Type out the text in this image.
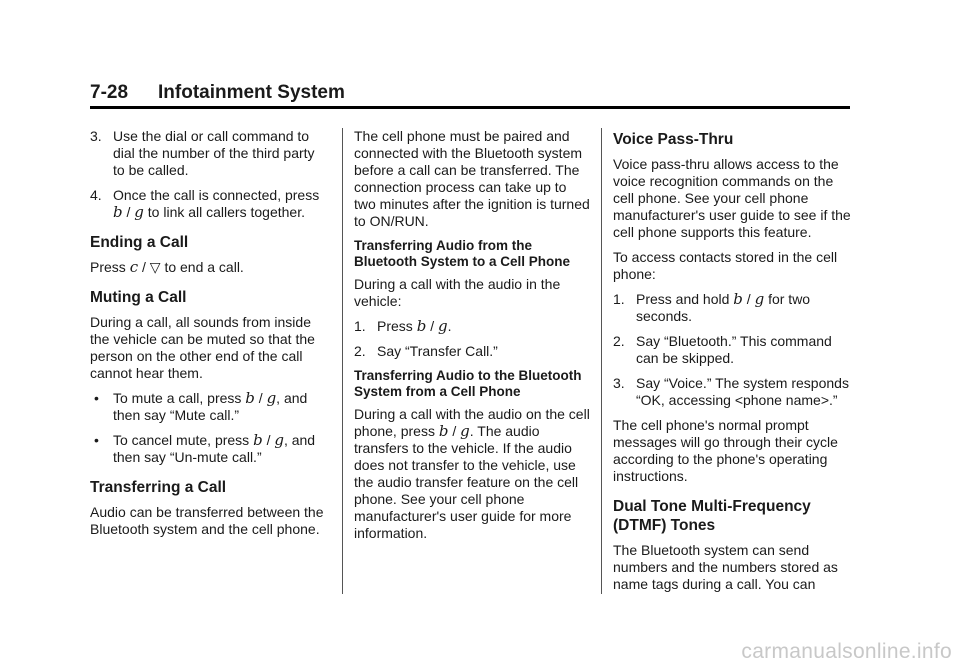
7-28 Infotainment System
3. Use the dial or call command to dial the number of the third party to be called.
4. Once the call is connected, press b / g to link all callers together.
Ending a Call

Press c / ▽ to end a call.

Muting a Call

During a call, all sounds from inside the vehicle can be muted so that the person on the other end of the call cannot hear them.

• To mute a call, press b / g, and then say “Mute call.”
• To cancel mute, press b / g, and then say “Un-mute call.”
Transferring a Call

Audio can be transferred between the Bluetooth system and the cell phone.

The cell phone must be paired and connected with the Bluetooth system before a call can be transferred. The connection process can take up to two minutes after the ignition is turned to ON/RUN.

Transferring Audio from the Bluetooth System to a Cell Phone

During a call with the audio in the vehicle:

1. Press b / g.
2. Say “Transfer Call.”
Transferring Audio to the Bluetooth System from a Cell Phone

During a call with the audio on the cell phone, press b / g. The audio transfers to the vehicle. If the audio does not transfer to the vehicle, use the audio transfer feature on the cell phone. See your cell phone manufacturer's user guide for more information.

Voice Pass-Thru

Voice pass-thru allows access to the voice recognition commands on the cell phone. See your cell phone manufacturer's user guide to see if the cell phone supports this feature.

To access contacts stored in the cell phone:

1. Press and hold b / g for two seconds.
2. Say “Bluetooth.” This command can be skipped.
3. Say “Voice.” The system responds “OK, accessing <phone name>.”

The cell phone's normal prompt messages will go through their cycle according to the phone's operating instructions.

Dual Tone Multi-Frequency (DTMF) Tones

The Bluetooth system can send numbers and the numbers stored as name tags during a call. You can

carmanualsonline.info
